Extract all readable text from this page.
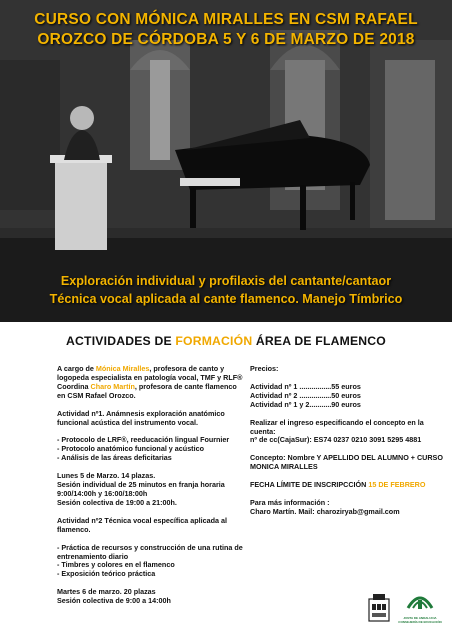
CURSO CON MÓNICA MIRALLES EN CSM RAFAEL
OROZCO DE CÓRDOBA 5 Y 6 DE MARZO DE 2018
Exploración individual y profilaxis del cantante/cantaor
Técnica vocal aplicada al cante flamenco. Manejo Tímbrico
ACTIVIDADES DE FORMACIÓN ÁREA DE FLAMENCO

A cargo de Mónica Miralles, profesora de canto y logopeda especialista en patología vocal, TMF y RLF® Coordina Charo Martín, profesora de cante flamenco en CSM Rafael Orozco.

Actividad nº1. Anámnesis exploración anatómico funcional acústica del instrumento vocal.

- Protocolo de LRF®, reeducación lingual Fournier

- Protocolo anatómico funcional y acústico

- Análisis de las áreas deficitarias

Lunes 5 de Marzo. 14 plazas.

Sesión individual de 25 minutos en franja horaria

9:00/14:00h y 16:00/18:00h

Sesión colectiva de 19:00 a 21:00h.

Actividad nº2 Técnica vocal específica aplicada al flamenco.

- Práctica de recursos y construcción de una rutina de entrenamiento diario

- Timbres y colores en el flamenco

- Exposición teórico práctica

Martes 6 de marzo. 20 plazas

Sesión colectiva de 9:00 a 14:00h

Precios:

Actividad nº 1 ................55 euros

Actividad nº 2 ................50 euros

Actividad nº 1 y 2...........90 euros

Realizar el ingreso especificando el concepto en la cuenta:

nº de cc(CajaSur): ES74 0237 0210 3091 5295 4881

Concepto: Nombre Y APELLIDO DEL ALUMNO + CURSO MONICA MIRALLES

FECHA LÍMITE DE INSCRIPCCIÓN 15 DE FEBRERO

Para más información :

Charo Martín. Mail: charoziryab@gmail.com

JUNTA DE ANDALUCIA
CONSEJERÍA DE EDUCACIÓN
